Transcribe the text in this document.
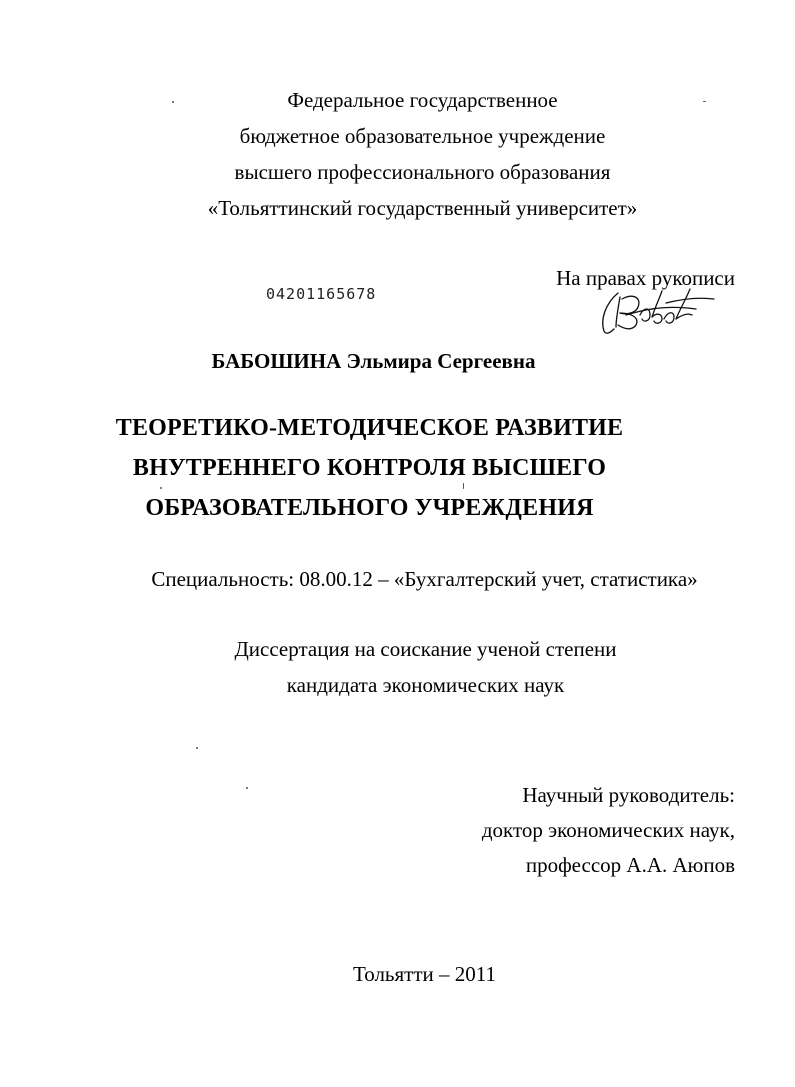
Федеральное государственное
бюджетное образовательное учреждение
высшего профессионального образования
«Тольяттинский государственный университет»
04201165678
На правах рукописи
БАБОШИНА Эльмира Сергеевна
ТЕОРЕТИКО-МЕТОДИЧЕСКОЕ РАЗВИТИЕ
ВНУТРЕННЕГО КОНТРОЛЯ ВЫСШЕГО
ОБРАЗОВАТЕЛЬНОГО УЧРЕЖДЕНИЯ
Специальность: 08.00.12 – «Бухгалтерский учет, статистика»
Диссертация на соискание ученой степени
кандидата экономических наук
Научный руководитель:
доктор экономических наук,
профессор А.А. Аюпов
Тольятти – 2011
